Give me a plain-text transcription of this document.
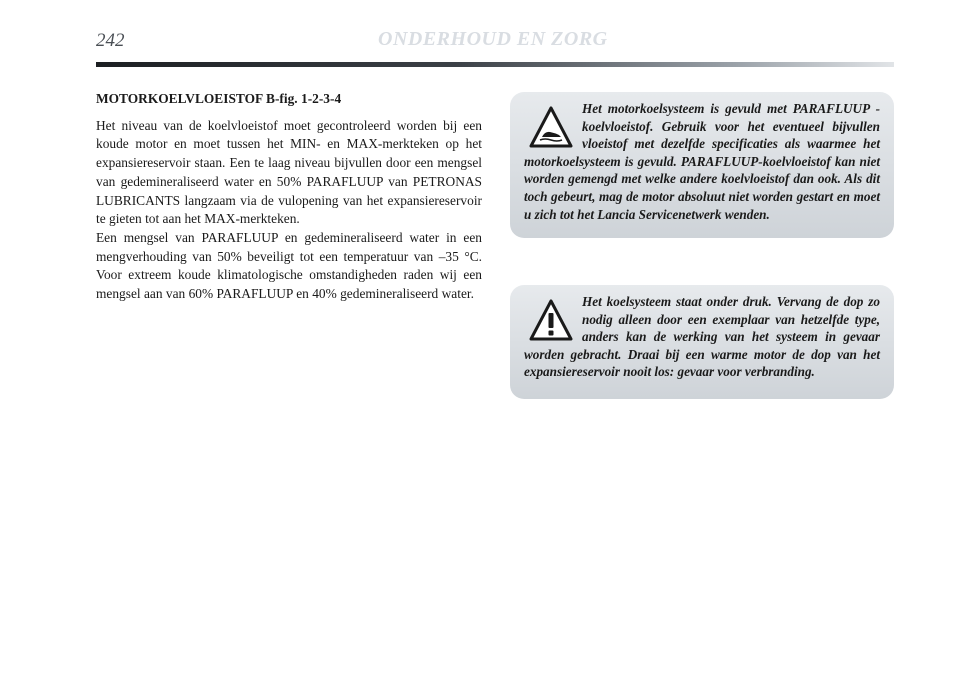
242	ONDERHOUD EN ZORG

MOTORKOELVLOEISTOF B-fig. 1-2-3-4

Het niveau van de koelvloeistof moet gecontroleerd worden bij een koude motor en moet tussen het MIN- en MAX-merkteken op het expansiereservoir staan. Een te laag niveau bijvullen door een mengsel van gedemineraliseerd water en 50% PARAFLUUP van PETRONAS LUBRICANTS langzaam via de vulopening van het expansiereservoir te gieten tot aan het MAX-merkteken.

Een mengsel van PARAFLUUP en gedemineraliseerd water in een mengverhouding van 50% beveiligt tot een temperatuur van –35 °C. Voor extreem koude klimatologische omstandigheden raden wij een mengsel aan van 60% PARAFLUUP en 40% gedemineraliseerd water.

Het motorkoelsysteem is gevuld met PARAFLUUP -koelvloeistof. Gebruik voor het eventueel bijvullen vloeistof met dezelfde specificaties als waarmee het motorkoelsysteem is gevuld. PARAFLUUP-koelvloeistof kan niet worden gemengd met welke andere koelvloeistof dan ook. Als dit toch gebeurt, mag de motor absoluut niet worden gestart en moet u zich tot het Lancia Servicenetwerk wenden.
Het koelsysteem staat onder druk. Vervang de dop zo nodig alleen door een exemplaar van hetzelfde type, anders kan de werking van het systeem in gevaar worden gebracht. Draai bij een warme motor de dop van het expansiereservoir nooit los: gevaar voor verbranding.
